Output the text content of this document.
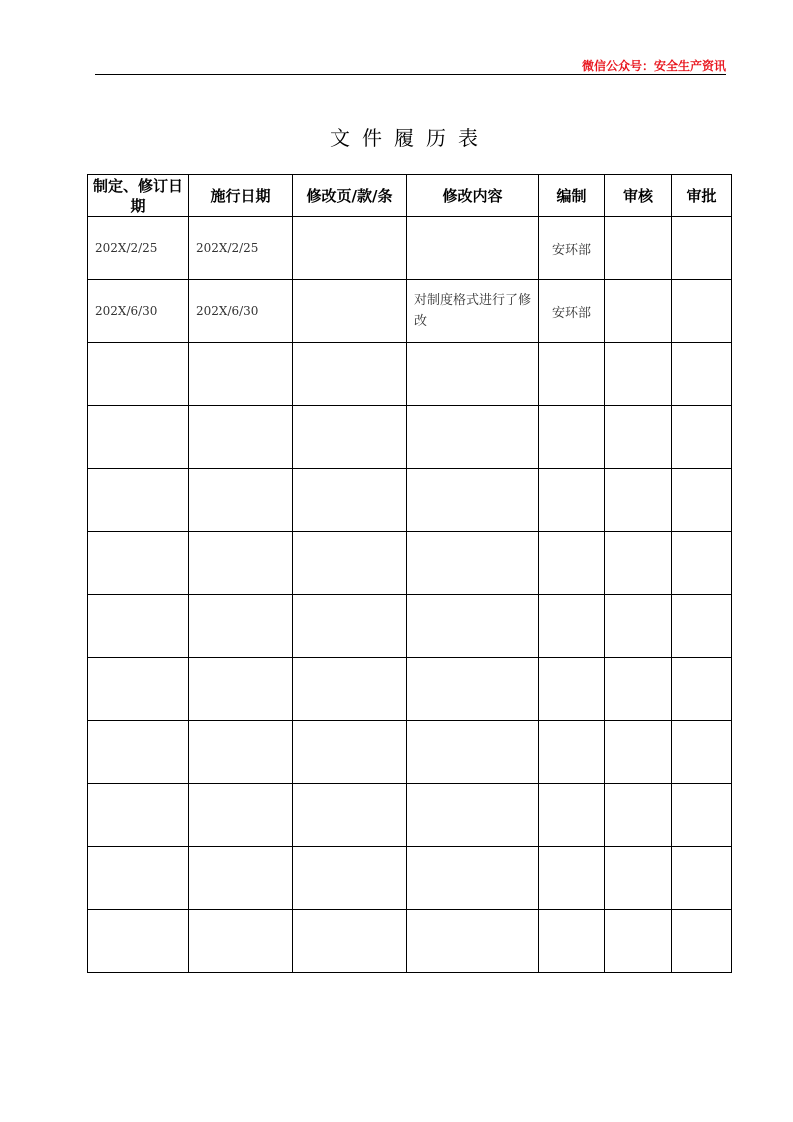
微信公众号：安全生产资讯
文件履历表
制定、修订日期	施行日期	修改页/款/条	修改内容	编制	审核	审批
202X/2/25	202X/2/25			安环部		
202X/6/30	202X/6/30		对制度格式进行了修改	安环部		
